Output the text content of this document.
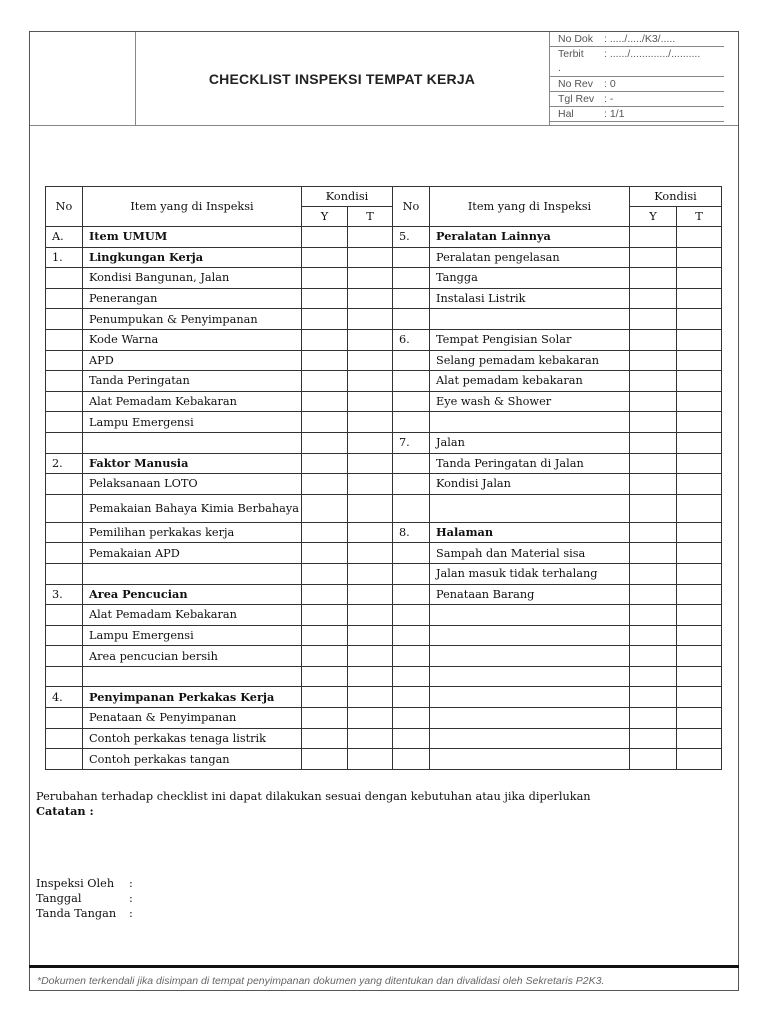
CHECKLIST INSPEKSI TEMPAT KERJA
No Dok : ...../...../K3/.....
Terbit : ....../............./..........
.
No Rev : 0
Tgl Rev : -
Hal	: 1/1
No	Item yang di Inspeksi	Kondisi		No	Item yang di Inspeksi	Kondisi	
		Y	T			Y	T
A.	Item UMUM			5.	Peralatan Lainnya		
1.	Lingkungan Kerja				Peralatan pengelasan		
	Kondisi Bangunan, Jalan				Tangga		
	Penerangan				Instalasi Listrik		
	Penumpukan & Penyimpanan						
	Kode Warna			6.	Tempat Pengisian Solar		
	APD				Selang pemadam kebakaran		
	Tanda Peringatan				Alat pemadam kebakaran		
	Alat Pemadam Kebakaran				Eye wash & Shower		
	Lampu Emergensi						
				7.	Jalan		
2.	Faktor Manusia				Tanda Peringatan di Jalan		
	Pelaksanaan LOTO				Kondisi Jalan		
	Pemakaian Bahaya Kimia Berbahaya						
	Pemilihan perkakas kerja			8.	Halaman		
	Pemakaian APD				Sampah dan Material sisa		
					Jalan masuk tidak terhalang		
3.	Area Pencucian				Penataan Barang		
	Alat Pemadam Kebakaran						
	Lampu Emergensi						
	Area pencucian bersih						

4.	Penyimpanan Perkakas Kerja						
	Penataan & Penyimpanan						
	Contoh perkakas tenaga listrik						
	Contoh perkakas tangan						
Perubahan terhadap checklist ini dapat dilakukan sesuai dengan kebutuhan atau jika diperlukan
Catatan :
Inspeksi Oleh :
Tanggal	:
Tanda Tangan :
*Dokumen terkendali jika disimpan di tempat penyimpanan dokumen yang ditentukan dan divalidasi oleh Sekretaris P2K3.
